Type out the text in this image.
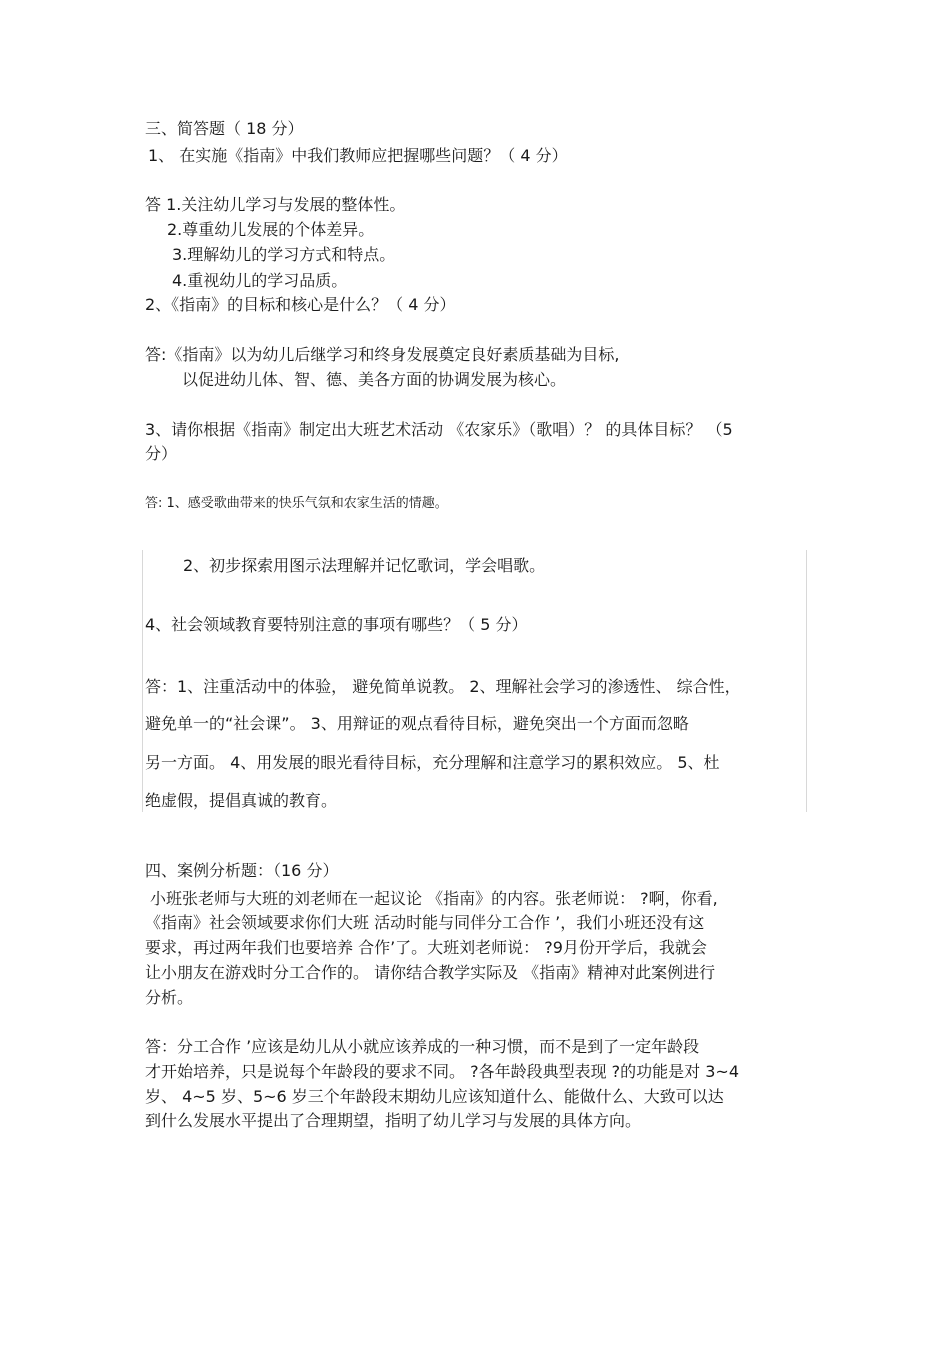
三、简答题（ 18 分）
1、 在实施《指南》中我们教师应把握哪些问题？（ 4 分）
答 1.关注幼儿学习与发展的整体性。
2.尊重幼儿发展的个体差异。
3.理解幼儿的学习方式和特点。
4.重视幼儿的学习品质。
2、《指南》的目标和核心是什么？（ 4 分）
答:《指南》以为幼儿后继学习和终身发展奠定良好素质基础为目标,
以促进幼儿体、智、德、美各方面的协调发展为核心。
3、请你根据《指南》制定出大班艺术活动 《农家乐》（歌唱）？ 的具体目标？ （5
分）
答: 1、感受歌曲带来的快乐气氛和农家生活的情趣。
2、初步探索用图示法理解并记忆歌词，学会唱歌。
4、社会领域教育要特别注意的事项有哪些？（ 5 分）
答：1、注重活动中的体验， 避免简单说教。 2、理解社会学习的渗透性、 综合性，
避免单一的“社会课”。 3、用辩证的观点看待目标，避免突出一个方面而忽略
另一方面。 4、用发展的眼光看待目标，充分理解和注意学习的累积效应。 5、杜
绝虚假，提倡真诚的教育。
四、案例分析题：（16 分）
小班张老师与大班的刘老师在一起议论 《指南》的内容。张老师说： ?啊，你看,
《指南》社会领域要求你们大班 活动时能与同伴分工合作 ’，我们小班还没有这
要求，再过两年我们也要培养 合作’了。大班刘老师说： ?9月份开学后，我就会
让小朋友在游戏时分工合作的。 请你结合教学实际及 《指南》精神对此案例进行
分析。
答：分工合作 ’应该是幼儿从小就应该养成的一种习惯，而不是到了一定年龄段
才开始培养，只是说每个年龄段的要求不同。 ?各年龄段典型表现 ?的功能是对 3~4
岁、 4~5 岁、5~6 岁三个年龄段末期幼儿应该知道什么、能做什么、大致可以达
到什么发展水平提出了合理期望，指明了幼儿学习与发展的具体方向。
